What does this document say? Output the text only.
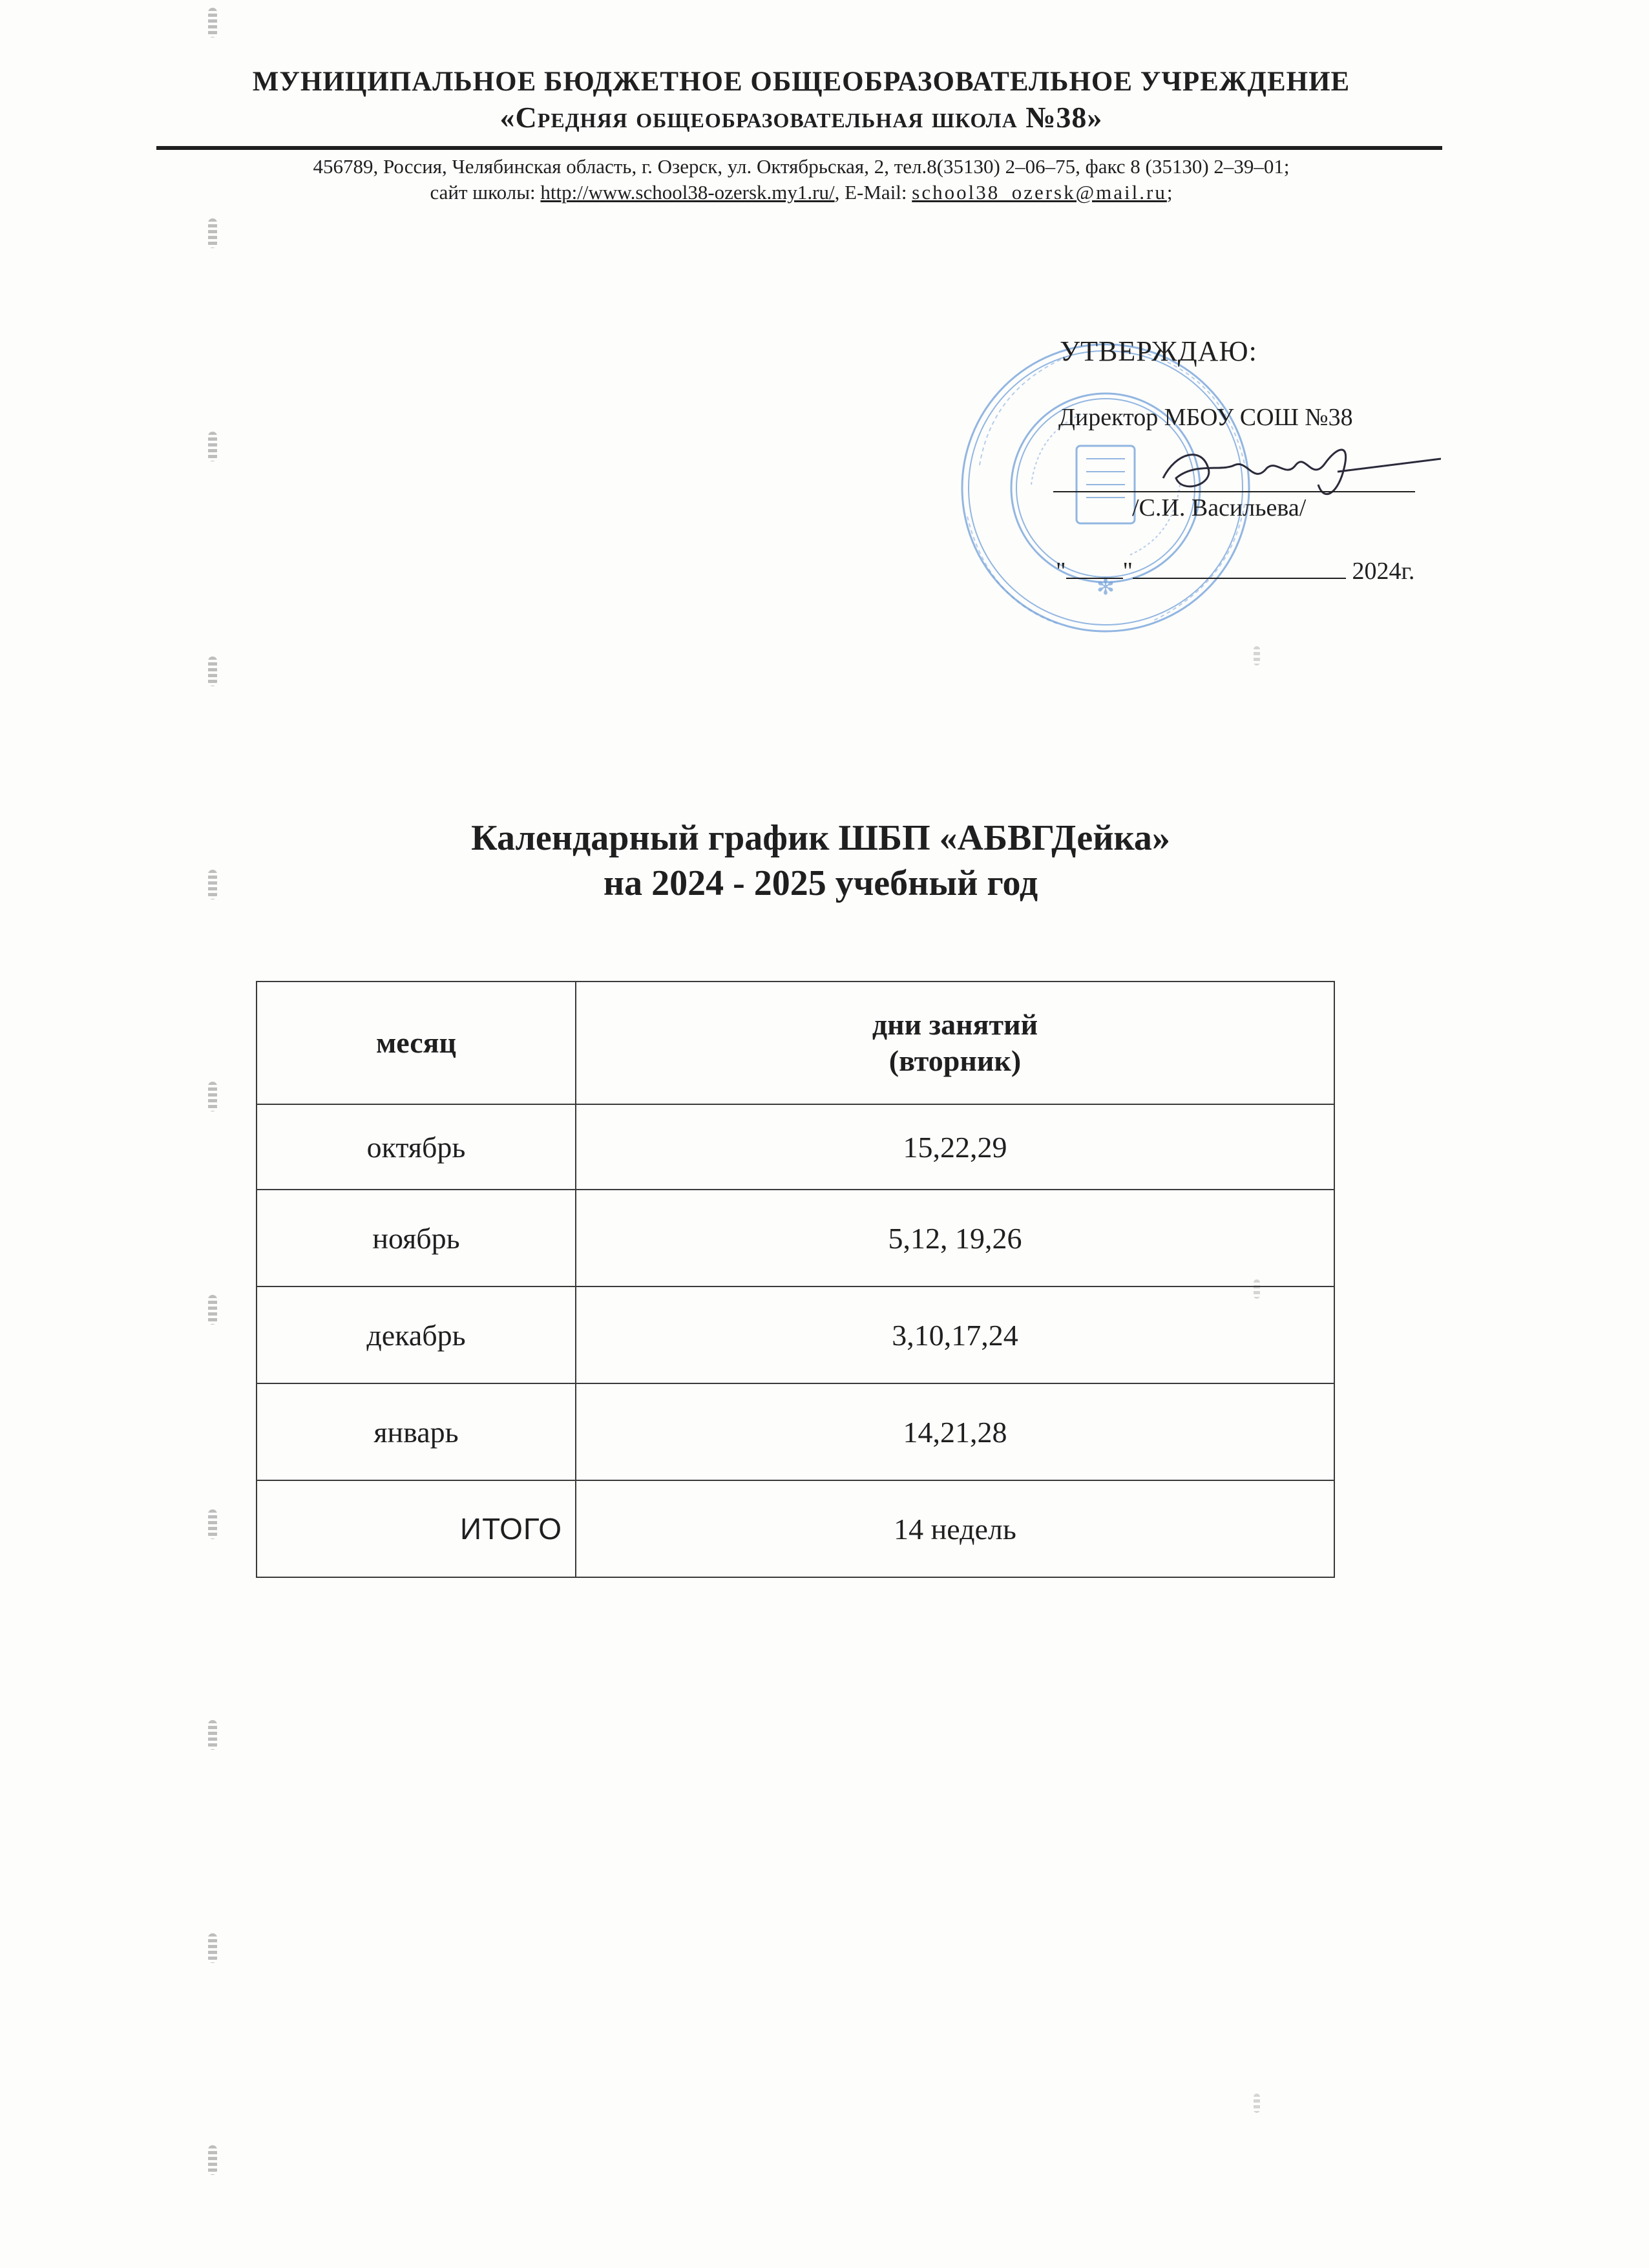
МУНИЦИПАЛЬНОЕ БЮДЖЕТНОЕ ОБЩЕОБРАЗОВАТЕЛЬНОЕ УЧРЕЖДЕНИЕ

«Средняя общеобразовательная школа №38»

456789, Россия, Челябинская область, г. Озерск, ул. Октябрьская, 2, тел.8(35130) 2–06–75, факс 8 (35130) 2–39–01;
сайт школы: http://www.school38-ozersk.my1.ru/, E-Mail: school38_ozersk@mail.ru;
✻
УТВЕРЖДАЮ:
Директор МБОУ СОШ №38
/С.И. Васильева/
" "	2024г.
Календарный график ШБП «АБВГДейка»
на 2024 - 2025 учебный год
месяц	дни занятий
(вторник)

октябрь	15,22,29
ноябрь	5,12, 19,26
декабрь	3,10,17,24
январь	14,21,28
ИТОГО	14 недель
